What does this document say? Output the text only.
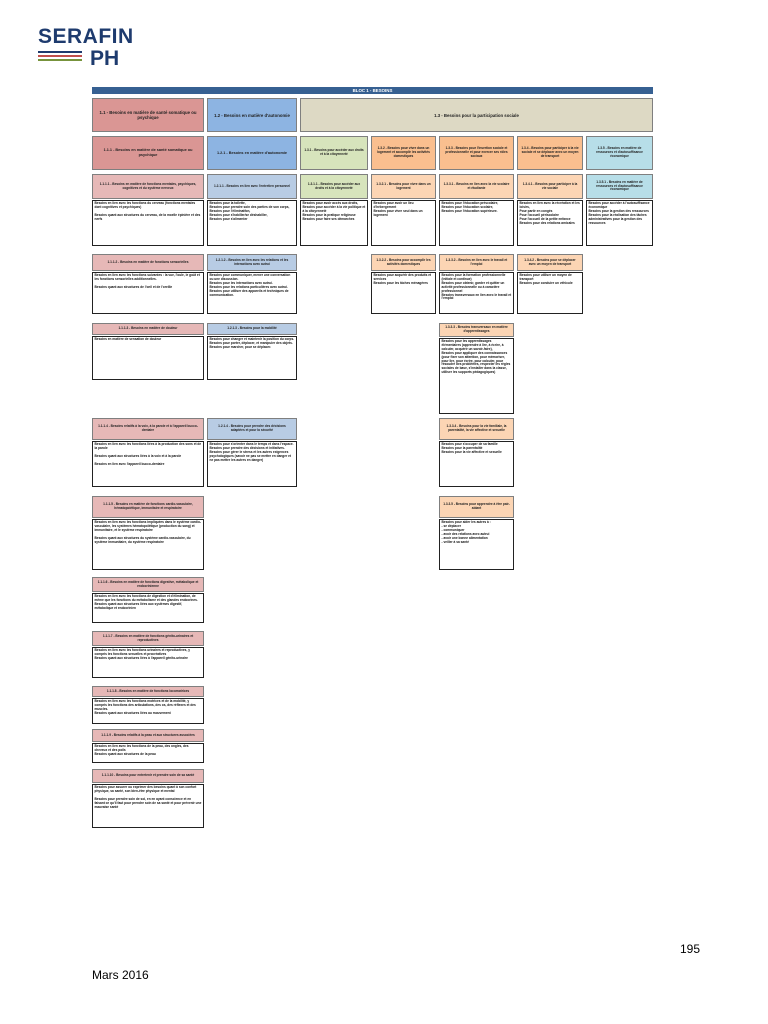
SERAFIN
PH
BLOC 1 - BESOINS
1.1 - Besoins en matière de santé somatique ou psychique	1.2 - Besoins en matière d'autonomie	1.3 - Besoins pour la participation sociale
1.1.1 - Besoins en matière de santé somatique ou psychique
1.2.1 - Besoins en matière d'autonomie
1.3.1 - Besoins pour accéder aux droits et à la citoyenneté
1.3.2 - Besoins pour vivre dans un logement et accomplir les activités domestiques
1.3.3 - Besoins pour l'insertion sociale et professionnelle et pour exercer ses rôles sociaux
1.3.4 - Besoins pour participer à la vie sociale et se déplacer avec un moyen de transport
1.3.5 - Besoins en matière de ressources et d'autosuffisance économique
1.1.1.1 - Besoins en matière de fonctions mentales, psychiques, cognitives et du système nerveux	1.2.1.1 - Besoins en lien avec l'entretien personnel	1.3.1.1 - Besoins pour accéder aux droits et à la citoyenneté
1.3.2.1 - Besoins pour vivre dans un logement
1.3.3.1 - Besoins en lien avec la vie scolaire et étudiante
1.3.4.1 - Besoins pour participer à la vie sociale
1.3.5.1 - Besoins en matière de ressources et d'autosuffisance économique
Besoins en lien avec les fonctions du cerveau (fonctions mentales dont cognitives et psychiques)

Besoins quant aux structures du cerveau, de la moelle épinière et des nerfs
Besoins pour la toilette,
Besoins pour prendre soin des parties de son corps,
Besoins pour l'éliminatfon,
Besoins pour s'habiller/se déshabiller,
Besoins pour s'alimenter
Besoins pour avoir accès aux droits,
Besoins pour accéder à la vie politique et à la citoyenneté
Besoins pour la pratique religieuse
Besoins pour faire ses démarches
Besoins pour avoir un lieu d'hébergement
Besoins pour vivre seul dans un logement
Besoins pour l'éducation préscolaire,
Besoins pour l'éducation scolaire,
Besoins pour l'éducation supérieure.
Besoins en lien avec la récréation et les loisirs,
Pour partir en congés
Pour l'accueil périscolaire
Pour l'accueil de la petite enfance
Besoins pour des relations amicales
Besoins pour accéder à l'autosuffisance économique
Besoins pour la gestion des ressources
Besoins pour la réalisation des tâches administratives pour la gestion des ressources
1.1.1.2 - Besoins en matière de fonctions sensorielles
Besoins en lien avec les fonctions suivantes : la vue, l'ouïe, le goût et les fonctions sensorielles additionnelles.

Besoins quant aux structures de l'oeil et de l'oreille
1.2.1.2 - Besoins en lien avec les relations et les interactions avec autrui
Besoins pour communiquer, mener une conversation ou une discussion.
Besoins pour les interactions avec autrui.
Besoins pour les relations particulières avec autrui.
Besoins pour utiliser des appareils et techniques de communication.
1.3.2.2 - Besoins pour accomplir les activités domestiques
Besoins pour acquérir des produits et services
Besoins pour les tâches ménagères
1.3.3.2 - Besoins en lien avec le travail et l'emploi
Besoins pour la formation professionnelle (initiale et continue)
Besoins pour obtenir, garder et quitter un activité professionnelle ou à caractère professionnel
Besoins transversaux en lien avec le travail et l'emploi
1.3.4.2 - Besoins pour se déplacer avec un moyen de transport
Besoins pour utiliser un moyen de transport
Besoins pour conduire un véhicule
1.1.1.3 - Besoins en matière de douleur
Besoins en matière de sensation de douleur
1.2.1.3 - Besoins pour la mobilité
Besoins pour changer et maintenir la position du corps.
Besoins pour porter, déplacer, et manipuler des objets.
Besoins pour marcher, pour se déplacer.
1.3.3.3 - Besoins transversaux en matière d'apprentissages
Besoins pour les apprentissages élémentaires (apprendre à lire, à écrire, à calculer, acquérir un savoir-faire),
Besoins pour appliquer des connaissances (pour fixer son attention, pour mémoriser, pour lire, pour écrire, pour calculer, pour résoudre des problèmes, respecter les règles sociales de base, s'installer dans la classe, utiliser les supports pédagogiques)
1.1.1.4 - Besoins relatifs à la voix, à la parole et à l'appareil bucco-dentaire
Besoins en lien avec les fonctions liées à la production des sons et de la parole

Besoins quant aux structures liées à la voix et à la parole

Besoins en lien avec l'appareil bucco-dentaire
1.2.1.4 - Besoins pour prendre des décisions adaptées et pour la sécurité
Besoins pour s'orienter dans le temps et dans l'espace.
Besoins pour prendre des décisions et initiatives.
Besoins pour gérer le stress et les autres exigences psychologiques (savoir ne pas se mettre en danger et ne pas mettre les autres en danger)
1.3.3.4 - Besoins pour la vie familiale, la parentalité, la vie affective et sexuelle
Besoins pour s'occuper de sa famille
Besoins pour la parentalité
Besoins pour la vie affective et sexuelle
1.1.1.5 - Besoins en matière de fonctions cardio-vasculaire, hématopoiétique, immunitaire et respiratoire
Besoins en lien avec les fonctions impliquées dans le système cardio-vasculaire, les systèmes hématopoïétique (production du sang) et immunitaire, et le système respiratoire

Besoins quant aux structures du système cardio-vasculaire, du système immunitaire, du système respiratoire
1.3.3.5 - Besoins pour apprendre à être pair-aidant
Besoins pour aider les autres à :
- se déplacer
- communiquer
- avoir des relations avec autrui
- avoir une bonne alimentation
- veiller à sa santé
1.1.1.6 - Besoins en matière de fonctions digestive, métabolique et endocrinienne
Besoins en lien avec les fonctions de digestion et d'élimination, de même que les fonctions du métabolisme et des glandes endocrines.
Besoins quant aux structures liées aux systèmes digestif, métabolique et endocrinien
1.1.1.7 - Besoins en matière de fonctions génito-urinaires et reproductives
Besoins en lien avec les fonctions urinaires et reproductives, y compris les fonctions sexuelles et procréatives
Besoins quant aux structures liées à l'appareil génito-urinaire
1.1.1.8 - Besoins en matière de fonctions locomotrices
Besoins en lien avec les fonctions motrices et de la mobilité, y compris les fonctions des articulations, des os, des réflexes et des muscles.
Besoins quant aux structures liées au mouvement
1.1.1.9 - Besoins relatifs à la peau et aux structures associées
Besoins en lien avec les fonctions de la peau, des ongles, des cheveux et des poils
Besoins quant aux structures de la peau
1.1.1.10 - Besoins pour entretenir et prendre soin de sa santé
Besoins pour assurer ou exprimer des besoins quant à son confort physique, sa santé, son bien-être physique et mental

Besoins pour prendre soin de soi, en en ayant conscience et en faisant ce qu'il faut pour prendre soin de sa santé et pour prévenir une mauvaise santé
195
Mars 2016
